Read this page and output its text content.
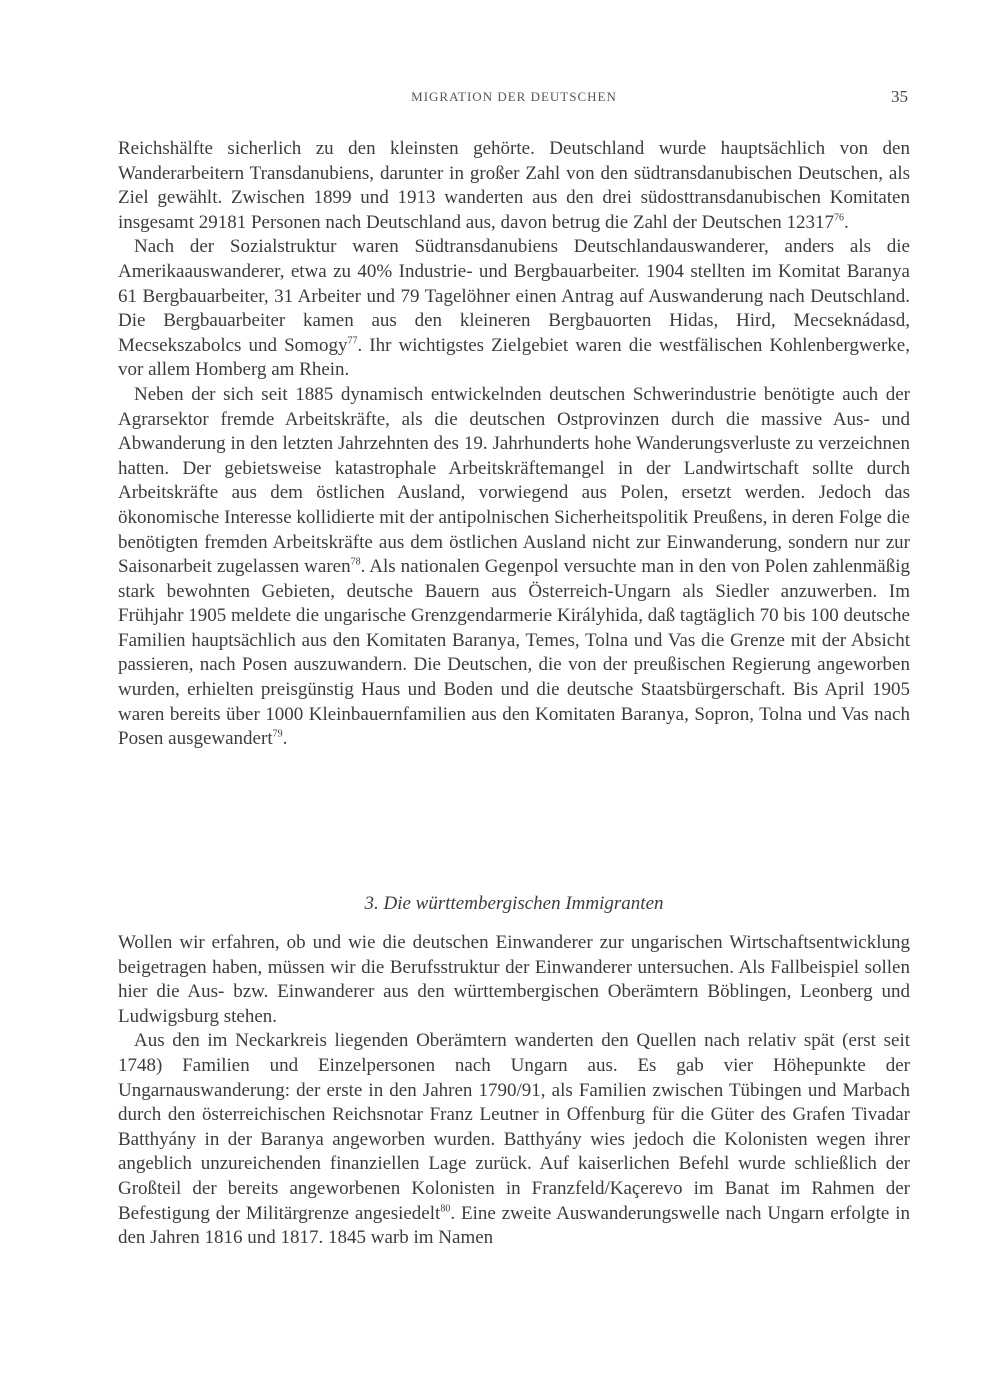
MIGRATION DER DEUTSCHEN	35

Reichshälfte sicherlich zu den kleinsten gehörte. Deutschland wurde hauptsächlich von den Wanderarbeitern Transdanubiens, darunter in großer Zahl von den südtransdanubischen Deutschen, als Ziel gewählt. Zwischen 1899 und 1913 wanderten aus den drei südosttransdanubischen Komitaten insgesamt 29181 Personen nach Deutschland aus, davon betrug die Zahl der Deutschen 12317$^{76}$.

Nach der Sozialstruktur waren Südtransdanubiens Deutschlandauswanderer, anders als die Amerikaauswanderer, etwa zu 40% Industrie- und Bergbauarbeiter. 1904 stellten im Komitat Baranya 61 Bergbauarbeiter, 31 Arbeiter und 79 Tagelöhner einen Antrag auf Auswanderung nach Deutschland. Die Bergbauarbeiter kamen aus den kleineren Bergbauorten Hidas, Hird, Mecseknádasd, Mecsekszabolcs und Somogy$^{77}$. Ihr wichtigstes Zielgebiet waren die westfälischen Kohlenbergwerke, vor allem Homberg am Rhein.

Neben der sich seit 1885 dynamisch entwickelnden deutschen Schwerindustrie benötigte auch der Agrarsektor fremde Arbeitskräfte, als die deutschen Ostprovinzen durch die massive Aus- und Abwanderung in den letzten Jahrzehnten des 19. Jahrhunderts hohe Wanderungsverluste zu verzeichnen hatten. Der gebietsweise katastrophale Arbeitskräftemangel in der Landwirtschaft sollte durch Arbeitskräfte aus dem östlichen Ausland, vorwiegend aus Polen, ersetzt werden. Jedoch das ökonomische Interesse kollidierte mit der antipolnischen Sicherheitspolitik Preußens, in deren Folge die benötigten fremden Arbeitskräfte aus dem östlichen Ausland nicht zur Einwanderung, sondern nur zur Saisonarbeit zugelassen waren$^{78}$. Als nationalen Gegenpol versuchte man in den von Polen zahlenmäßig stark bewohnten Gebieten, deutsche Bauern aus Österreich-Ungarn als Siedler anzuwerben. Im Frühjahr 1905 meldete die ungarische Grenzgendarmerie Királyhida, daß tagtäglich 70 bis 100 deutsche Familien hauptsächlich aus den Komitaten Baranya, Temes, Tolna und Vas die Grenze mit der Absicht passieren, nach Posen auszuwandern. Die Deutschen, die von der preußischen Regierung angeworben wurden, erhielten preisgünstig Haus und Boden und die deutsche Staatsbürgerschaft. Bis April 1905 waren bereits über 1000 Kleinbauernfamilien aus den Komitaten Baranya, Sopron, Tolna und Vas nach Posen ausgewandert$^{79}$.

3. Die württembergischen Immigranten

Wollen wir erfahren, ob und wie die deutschen Einwanderer zur ungarischen Wirtschaftsentwicklung beigetragen haben, müssen wir die Berufsstruktur der Einwanderer untersuchen. Als Fallbeispiel sollen hier die Aus- bzw. Einwanderer aus den württembergischen Oberämtern Böblingen, Leonberg und Ludwigsburg stehen.

Aus den im Neckarkreis liegenden Oberämtern wanderten den Quellen nach relativ spät (erst seit 1748) Familien und Einzelpersonen nach Ungarn aus. Es gab vier Höhepunkte der Ungarnauswanderung: der erste in den Jahren 1790/91, als Familien zwischen Tübingen und Marbach durch den österreichischen Reichsnotar Franz Leutner in Offenburg für die Güter des Grafen Tivadar Batthyány in der Baranya angeworben wurden. Batthyány wies jedoch die Kolonisten wegen ihrer angeblich unzureichenden finanziellen Lage zurück. Auf kaiserlichen Befehl wurde schließlich der Großteil der bereits angeworbenen Kolonisten in Franzfeld/Kaçerevo im Banat im Rahmen der Befestigung der Militärgrenze angesiedelt$^{80}$. Eine zweite Auswanderungswelle nach Ungarn erfolgte in den Jahren 1816 und 1817. 1845 warb im Namen
